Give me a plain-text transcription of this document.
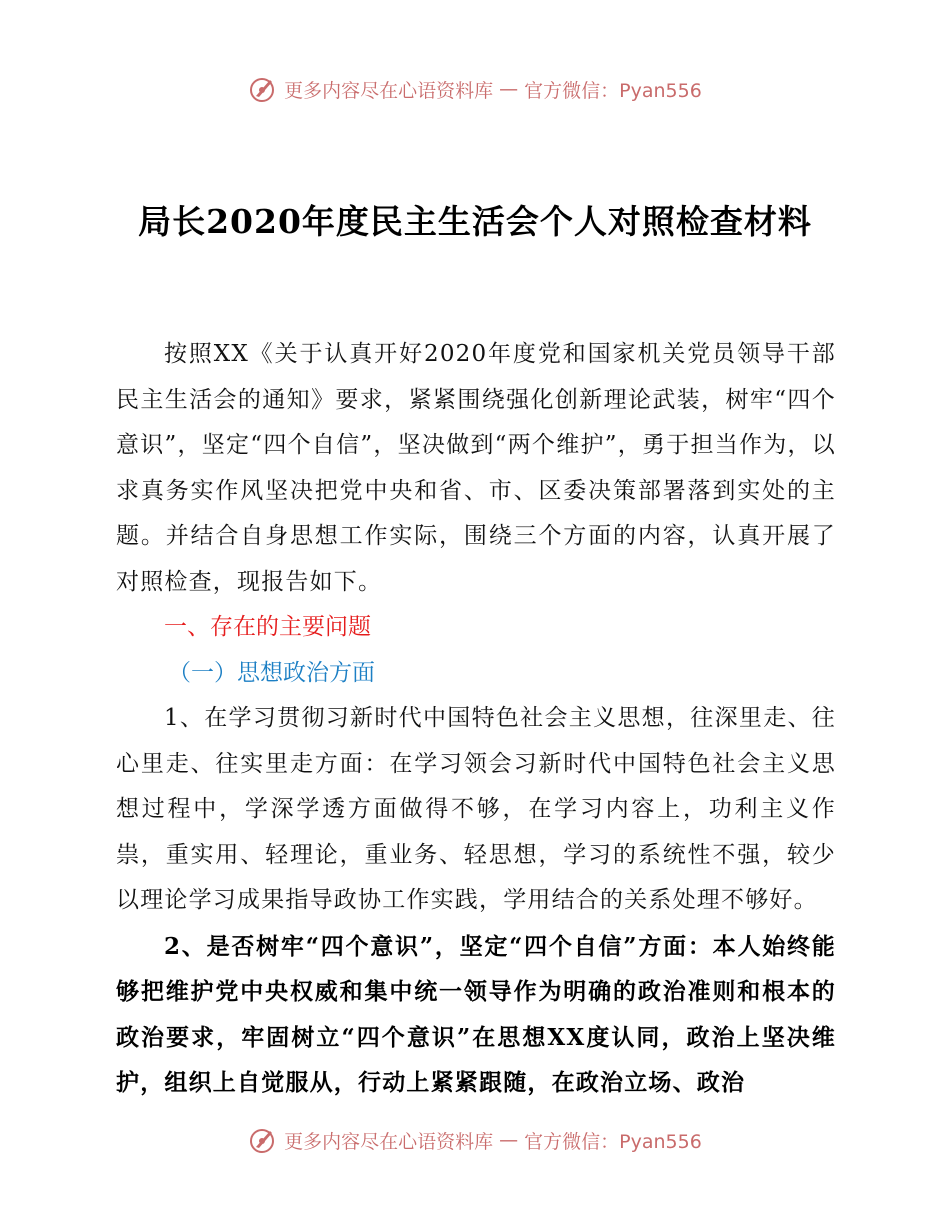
更多内容尽在心语资料库 — 官方微信：Pyan556
局长2020年度民主生活会个人对照检查材料

按照XX《关于认真开好2020年度党和国家机关党员领导干部民主生活会的通知》要求，紧紧围绕强化创新理论武装，树牢“四个意识”，坚定“四个自信”，坚决做到“两个维护”，勇于担当作为，以求真务实作风坚决把党中央和省、市、区委决策部署落到实处的主题。并结合自身思想工作实际，围绕三个方面的内容，认真开展了对照检查，现报告如下。

一、存在的主要问题

（一）思想政治方面

1、在学习贯彻习新时代中国特色社会主义思想，往深里走、往心里走、往实里走方面：在学习领会习新时代中国特色社会主义思想过程中，学深学透方面做得不够，在学习内容上，功利主义作祟，重实用、轻理论，重业务、轻思想，学习的系统性不强，较少以理论学习成果指导政协工作实践，学用结合的关系处理不够好。

2、是否树牢“四个意识”，坚定“四个自信”方面：本人始终能够把维护党中央权威和集中统一领导作为明确的政治准则和根本的政治要求，牢固树立“四个意识”在思想XX度认同，政治上坚决维护，组织上自觉服从，行动上紧紧跟随，在政治立场、政治

更多内容尽在心语资料库 — 官方微信：Pyan556
